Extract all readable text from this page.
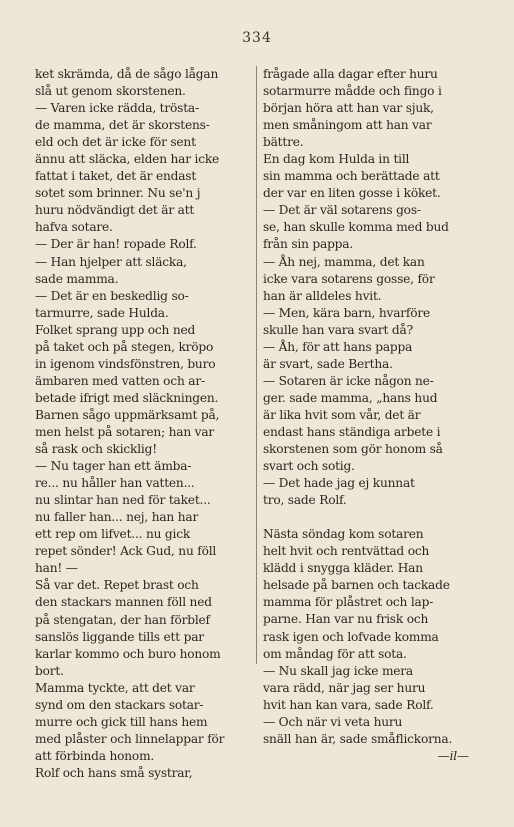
334
ket skrämda, då de sågo lågan
slå ut genom skorstenen.
— Varen icke rädda, trösta-
de mamma, det är skorstens-
eld och det är icke för sent
ännu att släcka, elden har icke
fattat i taket, det är endast
sotet som brinner. Nu se'n j
huru nödvändigt det är att
hafva sotare.
— Der är han! ropade Rolf.
— Han hjelper att släcka,
sade mamma.
— Det är en beskedlig so-
tarmurre, sade Hulda.
Folket sprang upp och ned
på taket och på stegen, kröpo
in igenom vindsfönstren, buro
ämbaren med vatten och ar-
betade ifrigt med släckningen.
Barnen sågo uppmärksamt på,
men helst på sotaren; han var
så rask och skicklig!
— Nu tager han ett ämba-
re... nu håller han vatten...
nu slintar han ned för taket...
nu faller han... nej, han har
ett rep om lifvet... nu gick
repet sönder! Ack Gud, nu föll
han! —
Så var det. Repet brast och
den stackars mannen föll ned
på stengatan, der han förblef
sanslös liggande tills ett par
karlar kommo och buro honom
bort.
Mamma tyckte, att det var
synd om den stackars sotar-
murre och gick till hans hem
med plåster och linnelappar för
att förbinda honom.
Rolf och hans små systrar,
frågade alla dagar efter huru
sotarmurre mådde och fingo i
början höra att han var sjuk,
men småningom att han var
bättre.
En dag kom Hulda in till
sin mamma och berättade att
der var en liten gosse i köket.
— Det är väl sotarens gos-
se, han skulle komma med bud
från sin pappa.
— Åh nej, mamma, det kan
icke vara sotarens gosse, för
han är alldeles hvit.
— Men, kära barn, hvarföre
skulle han vara svart då?
— Åh, för att hans pappa
är svart, sade Bertha.
— Sotaren är icke någon ne-
ger. sade mamma, „hans hud
är lika hvit som vår, det är
endast hans ständiga arbete i
skorstenen som gör honom så
svart och sotig.
— Det hade jag ej kunnat
tro, sade Rolf.
Nästa söndag kom sotaren
helt hvit och rentvättad och
klädd i snygga kläder. Han
helsade på barnen och tackade
mamma för plåstret och lap-
parne. Han var nu frisk och
rask igen och lofvade komma
om måndag för att sota.
— Nu skall jag icke mera
vara rädd, när jag ser huru
hvit han kan vara, sade Rolf.
— Och när vi veta huru
snäll han är, sade småflickorna.
—il—
